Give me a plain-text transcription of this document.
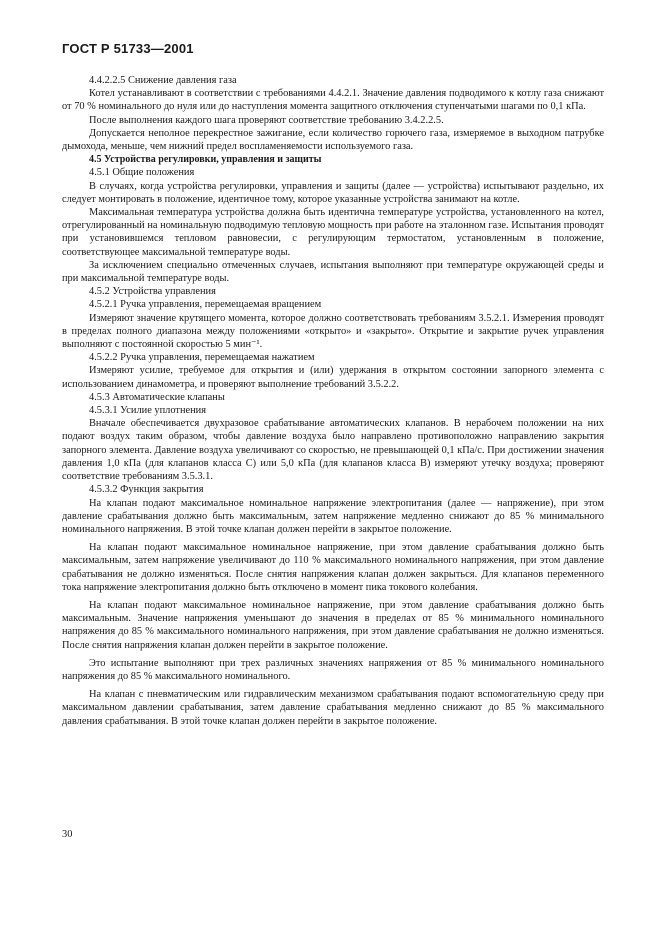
ГОСТ Р 51733—2001

4.4.2.2.5 Снижение давления газа

Котел устанавливают в соответствии с требованиями 4.4.2.1. Значение давления подводимого к котлу газа снижают от 70 % номинального до нуля или до наступления момента защитного отключения ступенчатыми шагами по 0,1 кПа.

После выполнения каждого шага проверяют соответствие требованию 3.4.2.2.5.

Допускается неполное перекрестное зажигание, если количество горючего газа, измеряемое в выходном патрубке дымохода, меньше, чем нижний предел воспламеняемости используемого газа.

4.5 Устройства регулировки, управления и защиты

4.5.1 Общие положения

В случаях, когда устройства регулировки, управления и защиты (далее — устройства) испытывают раздельно, их следует монтировать в положение, идентичное тому, которое указанные устройства занимают на котле.

Максимальная температура устройства должна быть идентична температуре устройства, установленного на котел, отрегулированный на номинальную подводимую тепловую мощность при работе на эталонном газе. Испытания проводят при установившемся тепловом равновесии, с регулирующим термостатом, установленным в положение, соответствующее максимальной температуре воды.

За исключением специально отмеченных случаев, испытания выполняют при температуре окружающей среды и при максимальной температуре воды.

4.5.2 Устройства управления

4.5.2.1 Ручка управления, перемещаемая вращением

Измеряют значение крутящего момента, которое должно соответствовать требованиям 3.5.2.1. Измерения проводят в пределах полного диапазона между положениями «открыто» и «закрыто». Открытие и закрытие ручек управления выполняют с постоянной скоростью 5 мин⁻¹.

4.5.2.2 Ручка управления, перемещаемая нажатием

Измеряют усилие, требуемое для открытия и (или) удержания в открытом состоянии запорного элемента с использованием динамометра, и проверяют выполнение требований 3.5.2.2.

4.5.3 Автоматические клапаны

4.5.3.1 Усилие уплотнения

Вначале обеспечивается двухразовое срабатывание автоматических клапанов. В нерабочем положении на них подают воздух таким образом, чтобы давление воздуха было направлено противоположно направлению закрытия запорного элемента. Давление воздуха увеличивают со скоростью, не превышающей 0,1 кПа/с. При достижении значения давления 1,0 кПа (для клапанов класса С) или 5,0 кПа (для клапанов класса В) измеряют утечку воздуха; проверяют соответствие требованиям 3.5.3.1.

4.5.3.2 Функция закрытия

На клапан подают максимальное номинальное напряжение электропитания (далее — напряжение), при этом давление срабатывания должно быть максимальным, затем напряжение медленно снижают до 85 % минимального номинального напряжения. В этой точке клапан должен перейти в закрытое положение.

На клапан подают максимальное номинальное напряжение, при этом давление срабатывания должно быть максимальным, затем напряжение увеличивают до 110 % максимального номинального напряжения, при этом давление срабатывания не должно изменяться. После снятия напряжения клапан должен закрыться. Для клапанов переменного тока напряжение электропитания должно быть отключено в момент пика токового колебания.

На клапан подают максимальное номинальное напряжение, при этом давление срабатывания должно быть максимальным. Значение напряжения уменьшают до значения в пределах от 85 % минимального номинального напряжения до 85 % максимального номинального напряжения, при этом давление срабатывания не должно изменяться. После снятия напряжения клапан должен перейти в закрытое положение.

Это испытание выполняют при трех различных значениях напряжения от 85 % минимального номинального напряжения до 85 % максимального номинального.

На клапан с пневматическим или гидравлическим механизмом срабатывания подают вспомогательную среду при максимальном давлении срабатывания, затем давление срабатывания медленно снижают до 85 % максимального давления срабатывания. В этой точке клапан должен перейти в закрытое положение.

30
